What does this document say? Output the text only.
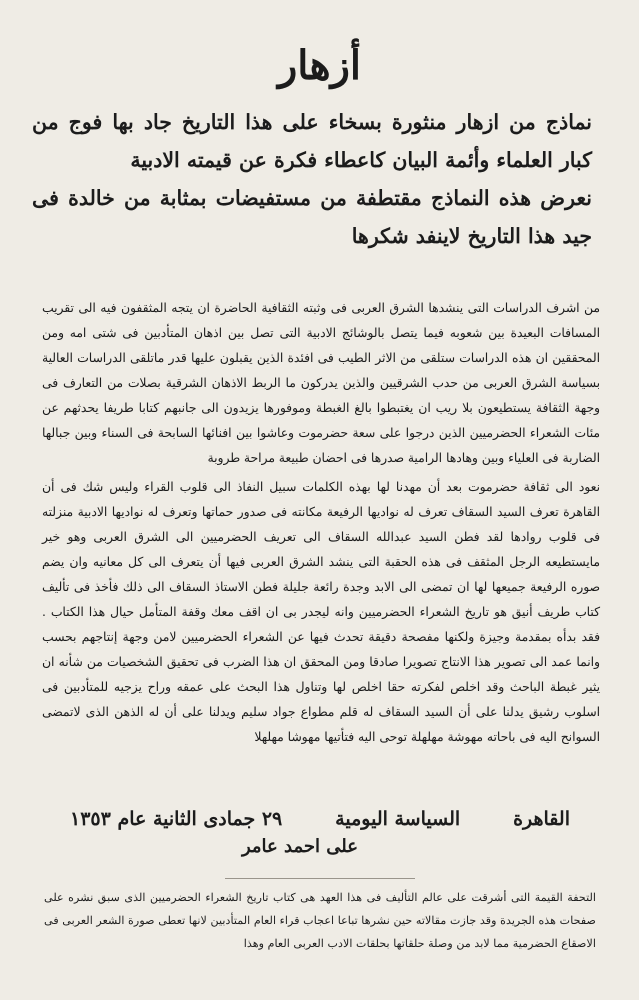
أزهار

نماذج من ازهار منثورة بسخاء على هذا التاريخ جاد بها فوج من كبار العلماء وأئمة البيان كاعطاء فكرة عن قيمته الادبية

نعرض هذه النماذج مقتطفة من مستفيضات بمثابة من خالدة فى جيد هذا التاريخ لاينفد شكرها

من اشرف الدراسات التى ينشدها الشرق العربى فى وثبته الثقافية الحاضرة ان يتجه المثقفون فيه الى تقريب المسافات البعيدة بين شعوبه فيما يتصل بالوشائج الادبية التى تصل بين اذهان المتأدبين فى شتى امه ومن المحققين ان هذه الدراسات ستلقى من الاثر الطيب فى افئدة الذين يقبلون عليها قدر ماتلقى الدراسات العالية بسياسة الشرق العربى من حدب الشرقيين والذين يدركون ما الربط الاذهان الشرقية بصلات من التعارف فى وجهة الثقافة يستطيعون بلا ريب ان يغتبطوا بالغ الغبطة وموفورها يزيدون الى جانبهم كتابا طريفا يحدثهم عن مئات الشعراء الحضرميين الذين درجوا على سعة حضرموت وعاشوا بين افنائها السابحة فى السناء وبين جبالها الضاربة فى العلياء وبين وهادها الرامية صدرها فى احضان طبيعة مراحة طروبة

نعود الى ثقافة حضرموت بعد أن مهدنا لها بهذه الكلمات سبيل النفاذ الى قلوب القراء وليس شك فى أن القاهرة تعرف السيد السقاف تعرف له نواديها الرفيعة مكانته فى صدور حماتها وتعرف له نواديها الادبية منزلته فى قلوب روادها لقد فطن السيد عبدالله السقاف الى تعريف الحضرميين الى الشرق العربى وهو خير مايستطيعه الرجل المثقف فى هذه الحقبة التى ينشد الشرق العربى فيها أن يتعرف الى كل معانيه وان يضم صوره الرفيعة جميعها لها ان تمضى الى الابد وجدة رائعة جليلة فطن الاستاذ السقاف الى ذلك فأخذ فى تأليف كتاب طريف أنيق هو تاريخ الشعراء الحضرميين وانه ليجدر بى ان اقف معك وقفة المتأمل حيال هذا الكتاب . فقد بدأه بمقدمة وجيزة ولكنها مفصحة دقيقة تحدث فيها عن الشعراء الحضرميين لامن وجهة إنتاجهم بحسب وانما عمد الى تصوير هذا الانتاج تصويرا صادقا ومن المحقق ان هذا الضرب فى تحقيق الشخصيات من شأنه ان يثير غبطة الباحث وقد اخلص لفكرته حقا اخلص لها وتناول هذا البحث على عمقه وراح يزجيه للمتأدبين فى اسلوب رشيق يدلنا على أن السيد السقاف له قلم مطواع جواد سليم ويدلنا على أن له الذهن الذى لاتمضى السوانح اليه فى باحاته مهوشة مهلهلة توحى اليه فتأتيها مهوشا مهلهلا

القاهرة
السياسة اليومية
٢٩ جمادى الثانية عام ١٣٥٣
على احمد عامر

التحفة القيمة التى أشرقت على عالم التأليف فى هذا العهد هى كتاب تاريخ الشعراء الحضرميين الذى سبق نشره على صفحات هذه الجريدة وقد جازت مقالاته حين نشرها تباعا اعجاب قراء العام المتأدبين لانها تعطى صورة الشعر العربى فى الاصقاع الحضرمية مما لابد من وصلة حلقاتها بحلقات الادب العربى العام وهذا
